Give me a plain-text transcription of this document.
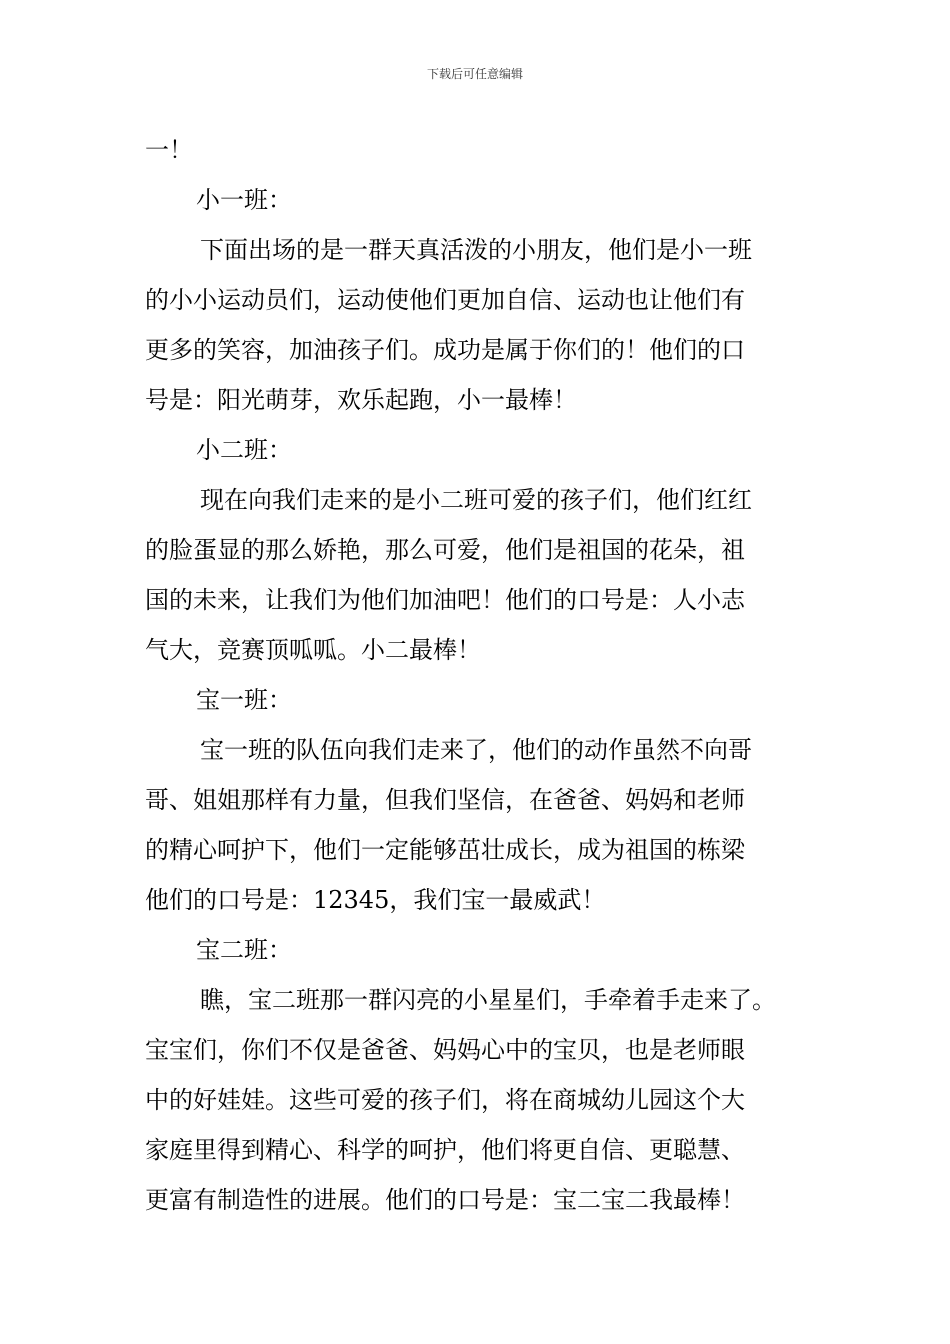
下载后可任意编辑
一！
小一班：
下面出场的是一群天真活泼的小朋友，他们是小一班
的小小运动员们，运动使他们更加自信、运动也让他们有
更多的笑容，加油孩子们。成功是属于你们的！他们的口
号是：阳光萌芽，欢乐起跑，小一最棒！
小二班：
现在向我们走来的是小二班可爱的孩子们，他们红红
的脸蛋显的那么娇艳，那么可爱，他们是祖国的花朵，祖
国的未来，让我们为他们加油吧！他们的口号是：人小志
气大，竞赛顶呱呱。小二最棒！
宝一班：
宝一班的队伍向我们走来了，他们的动作虽然不向哥
哥、姐姐那样有力量，但我们坚信，在爸爸、妈妈和老师
的精心呵护下，他们一定能够茁壮成长，成为祖国的栋梁
他们的口号是：12345，我们宝一最威武！
宝二班：
瞧，宝二班那一群闪亮的小星星们，手牵着手走来了。
宝宝们，你们不仅是爸爸、妈妈心中的宝贝，也是老师眼
中的好娃娃。这些可爱的孩子们，将在商城幼儿园这个大
家庭里得到精心、科学的呵护，他们将更自信、更聪慧、
更富有制造性的进展。他们的口号是：宝二宝二我最棒！
